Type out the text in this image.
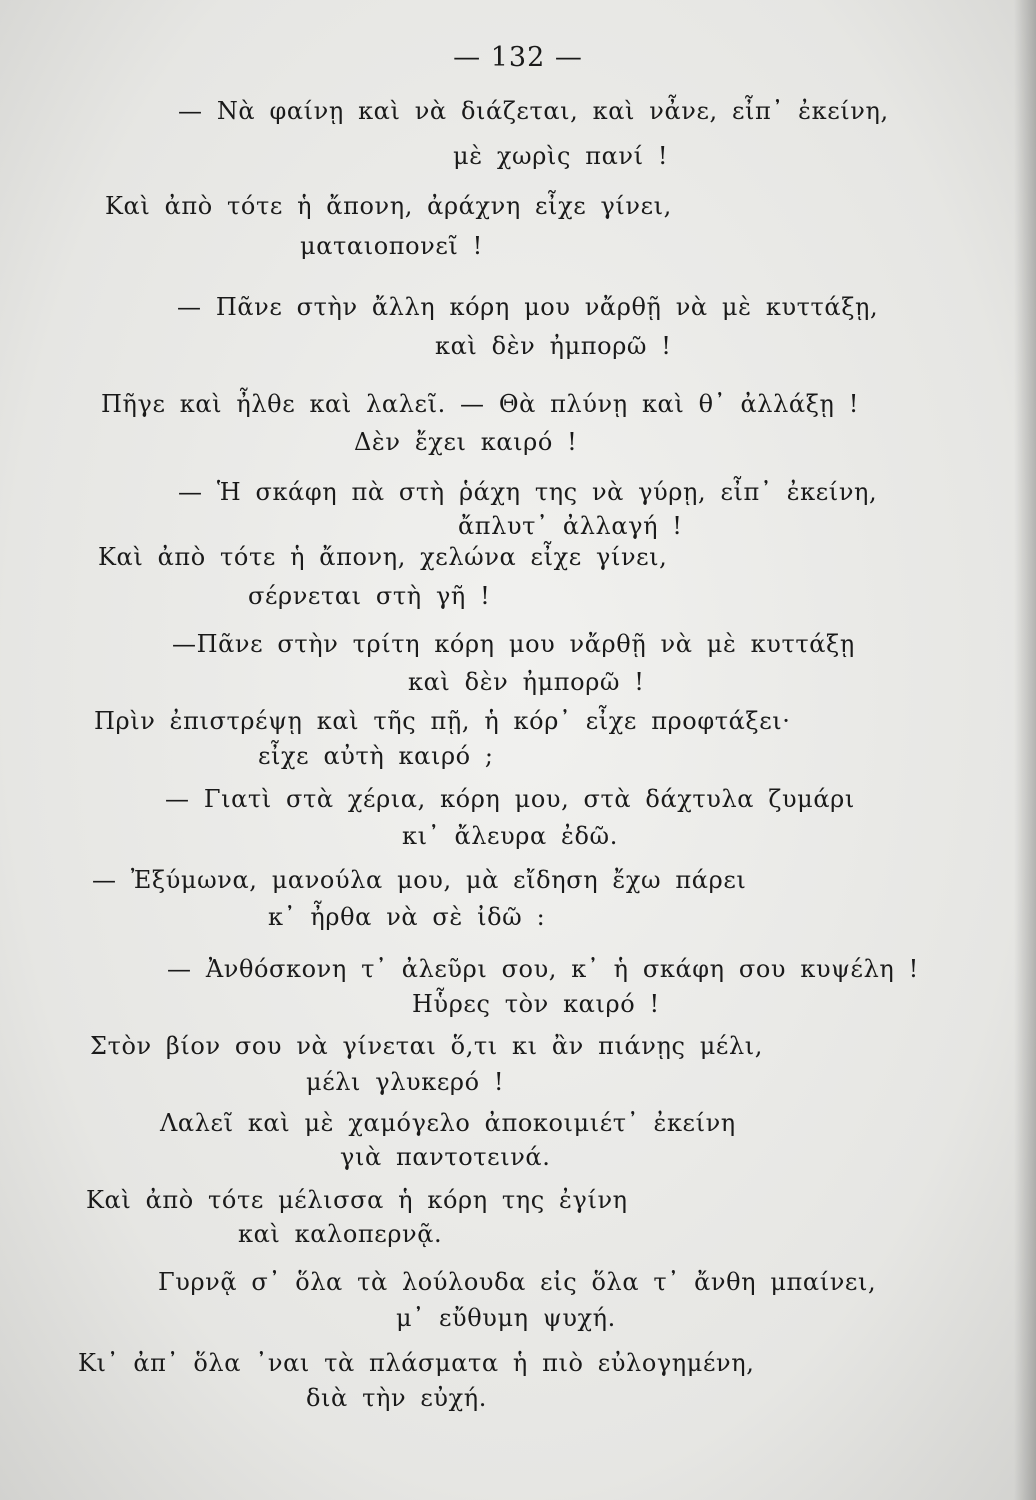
— 132 —
— Νὰ φαίνῃ καὶ νὰ διάζεται, καὶ νἆνε, εἶπ᾽ ἐκείνη,
μὲ χωρὶς πανί !
Καὶ ἀπὸ τότε ἡ ἄπονη, ἀράχνη εἶχε γίνει,
ματαιοπονεῖ !
— Πᾶνε στὴν ἄλλη κόρη μου νἄρθῇ νὰ μὲ κυττάξῃ,
καὶ δὲν ἠμπορῶ !
Πῆγε καὶ ἦλθε καὶ λαλεῖ. — Θὰ πλύνῃ καὶ θ᾽ ἀλλάξῃ !
Δὲν ἔχει καιρό !
— Ἡ σκάφη πὰ στὴ ῥάχη της νὰ γύρῃ, εἶπ᾽ ἐκείνη,
ἄπλυτ᾽ ἀλλαγή !
Καὶ ἀπὸ τότε ἡ ἄπονη, χελώνα εἶχε γίνει,
σέρνεται στὴ γῆ !
—Πᾶνε στὴν τρίτη κόρη μου νἄρθῇ νὰ μὲ κυττάξῃ
καὶ δὲν ἠμπορῶ !
Πρὶν ἐπιστρέψῃ καὶ τῆς πῇ, ἡ κόρ᾽ εἶχε προφτάξει·
εἶχε αὐτὴ καιρό ;
— Γιατὶ στὰ χέρια, κόρη μου, στὰ δάχτυλα ζυμάρι
κι᾽ ἄλευρα ἐδῶ.
— Ἐξύμωνα, μανούλα μου, μὰ εἴδηση ἔχω πάρει
κ᾽ ἦρθα νὰ σὲ ἰδῶ :
— Ἀνθόσκονη τ᾽ ἀλεῦρι σου, κ᾽ ἡ σκάφη σου κυψέλη !
Ηὗρες τὸν καιρό !
Στὸν βίον σου νὰ γίνεται ὅ,τι κι ἂν πιάνῃς μέλι,
μέλι γλυκερό !
Λαλεῖ καὶ μὲ χαμόγελο ἀποκοιμιέτ᾽ ἐκείνη
γιὰ παντοτεινά.
Καὶ ἀπὸ τότε μέλισσα ἡ κόρη της ἐγίνη
καὶ καλοπερνᾷ.
Γυρνᾷ σ᾽ ὅλα τὰ λούλουδα εἰς ὅλα τ᾽ ἄνθη μπαίνει,
μ᾽ εὔθυμη ψυχή.
Κι᾽ ἀπ᾽ ὅλα ᾽ναι τὰ πλάσματα ἡ πιὸ εὐλογημένη,
διὰ τὴν εὐχή.
